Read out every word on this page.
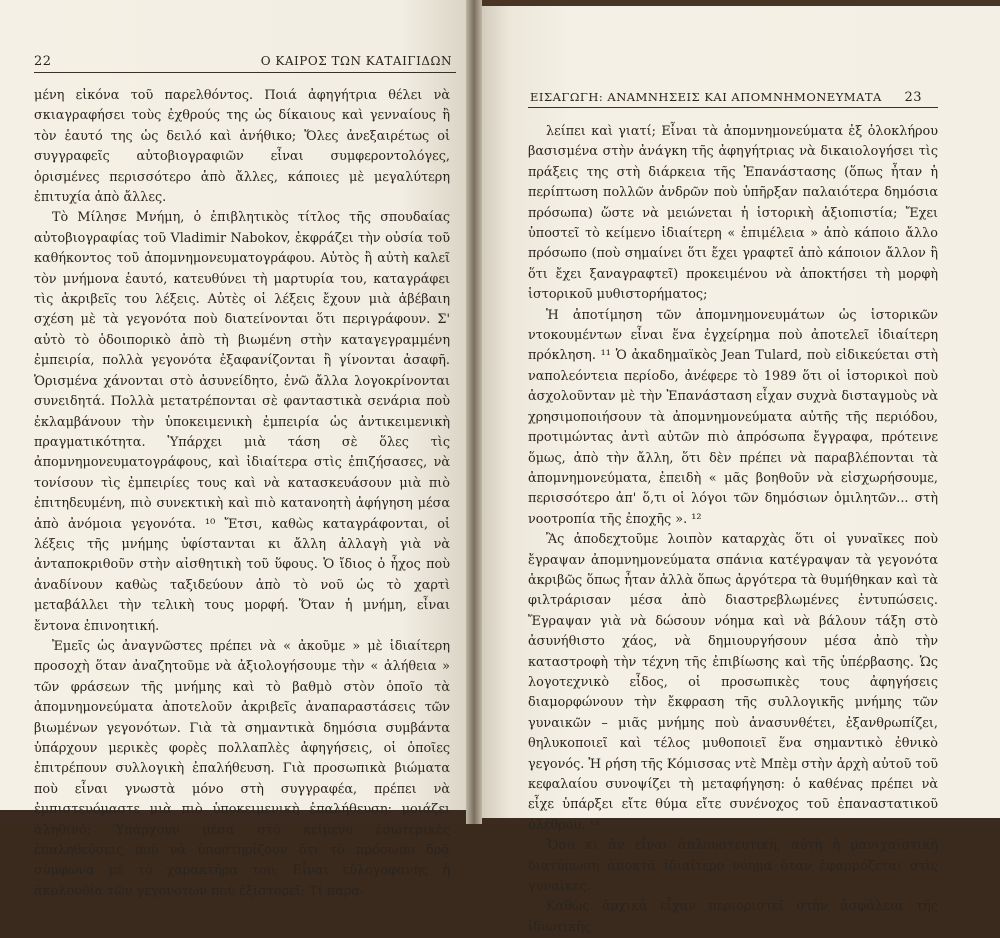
22	Ο ΚΑΙΡΟΣ ΤΩΝ ΚΑΤΑΙΓΙΔΩΝ

μένη εἰκόνα τοῦ παρελθόντος. Ποιά ἀφηγήτρια θέλει νὰ σκιαγραφήσει τοὺς ἐχθρούς της ὡς δίκαιους καὶ γενναίους ἢ τὸν ἑαυτό της ὡς δειλό καὶ ἀνήθικο; Ὅλες ἀνεξαιρέτως οἱ συγγραφεῖς αὐτοβιογραφιῶν εἶναι συμφεροντολόγες, ὁρισμένες περισσότερο ἀπὸ ἄλλες, κάποιες μὲ μεγαλύτερη ἐπιτυχία ἀπὸ ἄλλες.

Τὸ Μίλησε Μνήμη, ὁ ἐπιβλητικὸς τίτλος τῆς σπουδαίας αὐτοβιογραφίας τοῦ Vladimir Nabokov, ἐκφράζει τὴν οὐσία τοῦ καθήκοντος τοῦ ἀπομνημονευματογράφου. Αὐτὸς ἢ αὐτὴ καλεῖ τὸν μνήμονα ἑαυτό, κατευθύνει τὴ μαρτυρία του, καταγράφει τὶς ἀκριβεῖς του λέξεις. Αὐτὲς οἱ λέξεις ἔχουν μιὰ ἀβέβαιη σχέση μὲ τὰ γεγονότα ποὺ διατείνονται ὅτι περιγράφουν. Σ' αὐτὸ τὸ ὁδοιπορικὸ ἀπὸ τὴ βιωμένη στὴν καταγεγραμμένη ἐμπειρία, πολλὰ γεγονότα ἐξαφανίζονται ἢ γίνονται ἀσαφῆ. Ὁρισμένα χάνονται στὸ ἀσυνείδητο, ἐνῶ ἄλλα λογοκρίνονται συνειδητά. Πολλὰ μετατρέπονται σὲ φανταστικὰ σενάρια ποὺ ἐκλαμβάνουν τὴν ὑποκειμενικὴ ἐμπειρία ὡς ἀντικειμενικὴ πραγματικότητα. Ὑπάρχει μιὰ τάση σὲ ὅλες τὶς ἀπομνημονευματογράφους, καὶ ἰδιαίτερα στὶς ἐπιζήσασες, νὰ τονίσουν τὶς ἐμπειρίες τους καὶ νὰ κατασκευάσουν μιὰ πιὸ ἐπιτηδευμένη, πιὸ συνεκτικὴ καὶ πιὸ κατανοητὴ ἀφήγηση μέσα ἀπὸ ἀνόμοια γεγονότα. ¹⁰ Ἔτσι, καθὼς καταγράφονται, οἱ λέξεις τῆς μνήμης ὑφίστανται κι ἄλλη ἀλλαγὴ γιὰ νὰ ἀνταποκριθοῦν στὴν αἰσθητικὴ τοῦ ὕφους. Ὁ ἴδιος ὁ ἦχος ποὺ ἀναδίνουν καθὼς ταξιδεύουν ἀπὸ τὸ νοῦ ὡς τὸ χαρτὶ μεταβάλλει τὴν τελικὴ τους μορφή. Ὅταν ἡ μνήμη, εἶναι ἔντονα ἐπινοητική.

Ἐμεῖς ὡς ἀναγνῶστες πρέπει νὰ « ἀκοῦμε » μὲ ἰδιαίτερη προσοχὴ ὅταν ἀναζητοῦμε νὰ ἀξιολογήσουμε τὴν « ἀλήθεια » τῶν φράσεων τῆς μνήμης καὶ τὸ βαθμὸ στὸν ὁποῖο τὰ ἀπομνημονεύματα ἀποτελοῦν ἀκριβεῖς ἀναπαραστάσεις τῶν βιωμένων γεγονότων. Γιὰ τὰ σημαντικὰ δημόσια συμβάντα ὑπάρχουν μερικὲς φορὲς πολλαπλὲς ἀφηγήσεις, οἱ ὁποῖες ἐπιτρέπουν συλλογικὴ ἐπαλήθευση. Γιὰ προσωπικὰ βιώματα ποὺ εἶναι γνωστὰ μόνο στὴ συγγραφέα, πρέπει νὰ ἐμπιστευόμαστε μιὰ πιὸ ὑποκειμενικὴ ἐπαλήθευση: μοιάζει ἀληθινό; Ὑπάρχουν μέσα στὸ κείμενο ἐσωτερικὲς ἐπαληθεύσεις ποὺ νὰ ὑποστηρίζουν ὅτι τὸ πρόσωπο δρᾷ σύμφωνα μὲ τὸ χαρακτῆρα του; Εἶναι εὐλογοφανὴς ἡ ἀκολουθία τῶν γεγονότων ποὺ ἐξιστορεῖ; Τί παρα-

ΕΙΣΑΓΩΓΗ: ΑΝΑΜΝΗΣΕΙΣ ΚΑΙ ΑΠΟΜΝΗΜΟΝΕΥΜΑΤΑ 23

λείπει καὶ γιατί; Εἶναι τὰ ἀπομνημονεύματα ἐξ ὁλοκλήρου βασισμένα στὴν ἀνάγκη τῆς ἀφηγήτριας νὰ δικαιολογήσει τὶς πράξεις της στὴ διάρκεια τῆς Ἐπανάστασης (ὅπως ἦταν ἡ περίπτωση πολλῶν ἀνδρῶν ποὺ ὑπῆρξαν παλαιότερα δημόσια πρόσωπα) ὥστε νὰ μειώνεται ἡ ἱστορικὴ ἀξιοπιστία; Ἔχει ὑποστεῖ τὸ κείμενο ἰδιαίτερη « ἐπιμέλεια » ἀπὸ κάποιο ἄλλο πρόσωπο (ποὺ σημαίνει ὅτι ἔχει γραφτεῖ ἀπὸ κάποιον ἄλλον ἢ ὅτι ἔχει ξαναγραφτεῖ) προκειμένου νὰ ἀποκτήσει τὴ μορφὴ ἱστορικοῦ μυθιστορήματος;

Ἡ ἀποτίμηση τῶν ἀπομνημονευμάτων ὡς ἱστορικῶν ντοκουμέντων εἶναι ἕνα ἐγχείρημα ποὺ ἀποτελεῖ ἰδιαίτερη πρόκληση. ¹¹ Ὁ ἀκαδημαϊκὸς Jean Tulard, ποὺ εἰδικεύεται στὴ ναπολεόντεια περίοδο, ἀνέφερε τὸ 1989 ὅτι οἱ ἱστορικοὶ ποὺ ἀσχολοῦνταν μὲ τὴν Ἐπανάσταση εἶχαν συχνὰ δισταγμοὺς νὰ χρησιμοποιήσουν τὰ ἀπομνημονεύματα αὐτῆς τῆς περιόδου, προτιμώντας ἀντὶ αὐτῶν πιὸ ἀπρόσωπα ἔγγραφα, πρότεινε ὅμως, ἀπὸ τὴν ἄλλη, ὅτι δὲν πρέπει νὰ παραβλέπονται τὰ ἀπομνημονεύματα, ἐπειδὴ « μᾶς βοηθοῦν νὰ εἰσχωρήσουμε, περισσότερο ἀπ' ὅ,τι οἱ λόγοι τῶν δημόσιων ὁμιλητῶν... στὴ νοοτροπία τῆς ἐποχῆς ». ¹²

Ἂς ἀποδεχτοῦμε λοιπὸν καταρχὰς ὅτι οἱ γυναῖκες ποὺ ἔγραψαν ἀπομνημονεύματα σπάνια κατέγραψαν τὰ γεγονότα ἀκριβῶς ὅπως ἦταν ἀλλὰ ὅπως ἀργότερα τὰ θυμήθηκαν καὶ τὰ φιλτράρισαν μέσα ἀπὸ διαστρεβλωμένες ἐντυπώσεις. Ἔγραψαν γιὰ νὰ δώσουν νόημα καὶ νὰ βάλουν τάξη στὸ ἀσυνήθιστο χάος, νὰ δημιουργήσουν μέσα ἀπὸ τὴν καταστροφὴ τὴν τέχνη τῆς ἐπιβίωσης καὶ τῆς ὑπέρβασης. Ὡς λογοτεχνικὸ εἶδος, οἱ προσωπικὲς τους ἀφηγήσεις διαμορφώνουν τὴν ἔκφραση τῆς συλλογικῆς μνήμης τῶν γυναικῶν – μιᾶς μνήμης ποὺ ἀνασυνθέτει, ἐξανθρωπίζει, θηλυκοποιεῖ καὶ τέλος μυθοποιεῖ ἕνα σημαντικὸ ἐθνικὸ γεγονός. Ἡ ρήση τῆς Κόμισσας ντὲ Μπὲμ στὴν ἀρχὴ αὐτοῦ τοῦ κεφαλαίου συνοψίζει τὴ μεταφήγηση: ὁ καθένας πρέπει νὰ εἶχε ὑπάρξει εἴτε θύμα εἴτε συνένοχος τοῦ ἐπαναστατικοῦ ὀλέθρου. ¹³

Ὅσο κι ἂν εἶναι ἁπλουστευτική, αὐτὴ ἡ μανιχαϊστικὴ διατύπωση ἀποκτᾶ ἰδιαίτερο νόημα ὅταν ἐφαρμόζεται στὶς γυναῖκες.

Καθὼς ἀρχικὰ εἶχαν περιοριστεῖ στὴν ἀσφάλεια τῆς ἰδιωτικῆς
